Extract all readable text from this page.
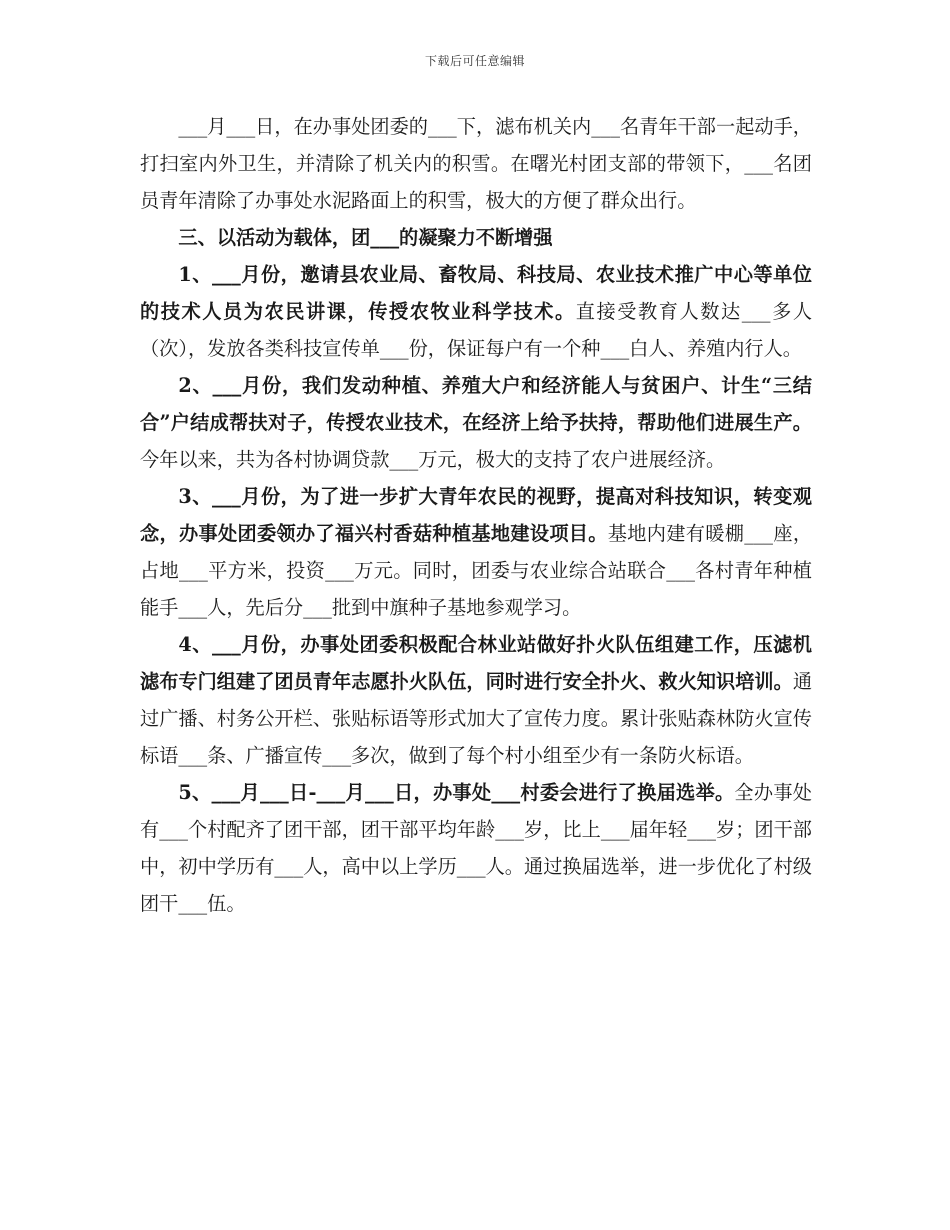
下载后可任意编辑

___月___日，在办事处团委的___下，滤布机关内___名青年干部一起动手，打扫室内外卫生，并清除了机关内的积雪。在曙光村团支部的带领下，___名团员青年清除了办事处水泥路面上的积雪，极大的方便了群众出行。

三、以活动为载体，团___的凝聚力不断增强

1、___月份，邀请县农业局、畜牧局、科技局、农业技术推广中心等单位的技术人员为农民讲课，传授农牧业科学技术。直接受教育人数达___多人（次），发放各类科技宣传单___份，保证每户有一个种___白人、养殖内行人。

2、___月份，我们发动种植、养殖大户和经济能人与贫困户、计生“三结合”户结成帮扶对子，传授农业技术，在经济上给予扶持，帮助他们进展生产。今年以来，共为各村协调贷款___万元，极大的支持了农户进展经济。

3、___月份，为了进一步扩大青年农民的视野，提高对科技知识，转变观念，办事处团委领办了福兴村香菇种植基地建设项目。基地内建有暖棚___座，占地___平方米，投资___万元。同时，团委与农业综合站联合___各村青年种植能手___人，先后分___批到中旗种子基地参观学习。

4、___月份，办事处团委积极配合林业站做好扑火队伍组建工作，压滤机滤布专门组建了团员青年志愿扑火队伍，同时进行安全扑火、救火知识培训。通过广播、村务公开栏、张贴标语等形式加大了宣传力度。累计张贴森林防火宣传标语___条、广播宣传___多次，做到了每个村小组至少有一条防火标语。

5、___月___日-___月___日，办事处___村委会进行了换届选举。全办事处有___个村配齐了团干部，团干部平均年龄___岁，比上___届年轻___岁；团干部中，初中学历有___人，高中以上学历___人。通过换届选举，进一步优化了村级团干___伍。
